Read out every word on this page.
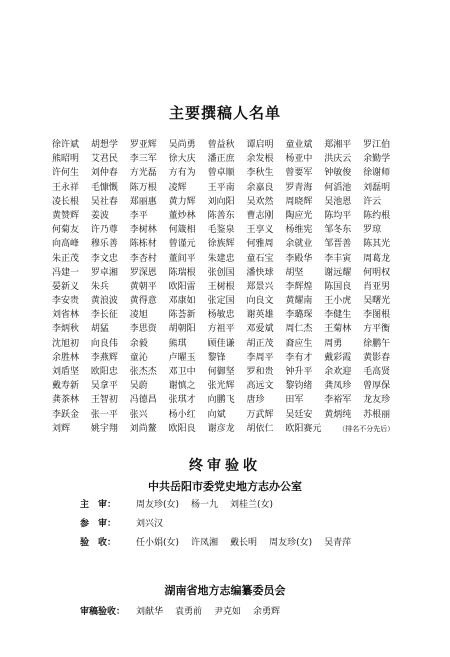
主要撰稿人名单
徐许斌	胡想学	罗亚辉	吴尚勇	曾益秋	谭启明	童业斌	郑湘平	罗江伯
熊昭明	艾君民	李三军	徐大庆	潘正庶	余发根	杨亚中	洪庆云	余勤学
许何生	刘仲春	方光磊	方有为	曾卓顺	李秋生	曾要军	钟敏俊	徐谢师
王永祥	毛慷慨	陈万根	凌辉	王平南	余嘉良	罗青海	何滔池	刘磊明
凌长根	吴社春	郑丽惠	黄力辉	刘向阳	吴欢然	周晓辉	吴池恩	许云
黄赞辉	姜波	李平	董炒林	陈善东	曹志刚	陶应光	陈均平	陈约根
何菊友	许乃尊	李树林	何箴相	毛鉴泉	王享义	杨维宪	邹冬东	罗琼
向高峰	穆乐善	陈栋材	曾谨元	徐族辉	何雅周	余就业	邹晋善	陈其光
朱正茂	李文忠	李杏村	董间平	朱建忠	童石宝	李殿华	李丰寅	周葛龙
冯建一	罗卓湘	罗深恩	陈瑞根	张创国	潘快球	胡坚	谢远耀	何明权
晏新义	朱兵	黄朝平	欧阳雷	王树根	郑景兴	李辉煌	陈国良	肖亚男
李安贵	黄浪波	黄得意	邓康如	张定国	向良文	黄耀南	王小虎	吴曙光
刘省林	李长征	凌旭	陈荟新	杨敏忠	谢英雄	李璐琛	李健生	李图根
李炳秋	胡猛	李思资	胡朝阳	方祖平	邓爱斌	周仁杰	王菊林	方平衡
沈旭初	向良伟	余毅	熊琪	顾佳谦	胡正茂	裔应生	周勇	徐鹏午
余胜林	李燕辉	童沁	卢曜玉	黎锋	李周平	李有才	戴彩霞	黄影春
刘盾坚	欧阳忠	张杰杰	邓卫中	何御坚	罗和贵	钟升平	余欢迎	毛高贤
戴寿新	吴拿平	吴蔚	谢慎之	张光辉	高远文	黎钧绪	龚凤珍	曾厚保
龚茶林	王智初	冯德昌	张琪才	向鹏飞	唐珍	田军	李裕军	龙友珍
李跃金	张一平	张兴	杨小红	向斌	万武辉	吴廷安	黄炳纯	苏根丽
刘辉	姚宇翔	刘尚鳌	欧阳良	谢彦龙	胡依仁	欧阳赛元	（排名不分先后）
终审验收
中共岳阳市委党史地方志办公室
主　审：	周友珍(女) 杨一九 刘桂兰(女)
参　审：	刘兴汉
验　收：	任小娟(女) 许凤湘 戴长明 周友珍(女) 吴青萍
湖南省地方志编纂委员会
审稿验收：	刘献华 袁勇前 尹克如 余勇辉
